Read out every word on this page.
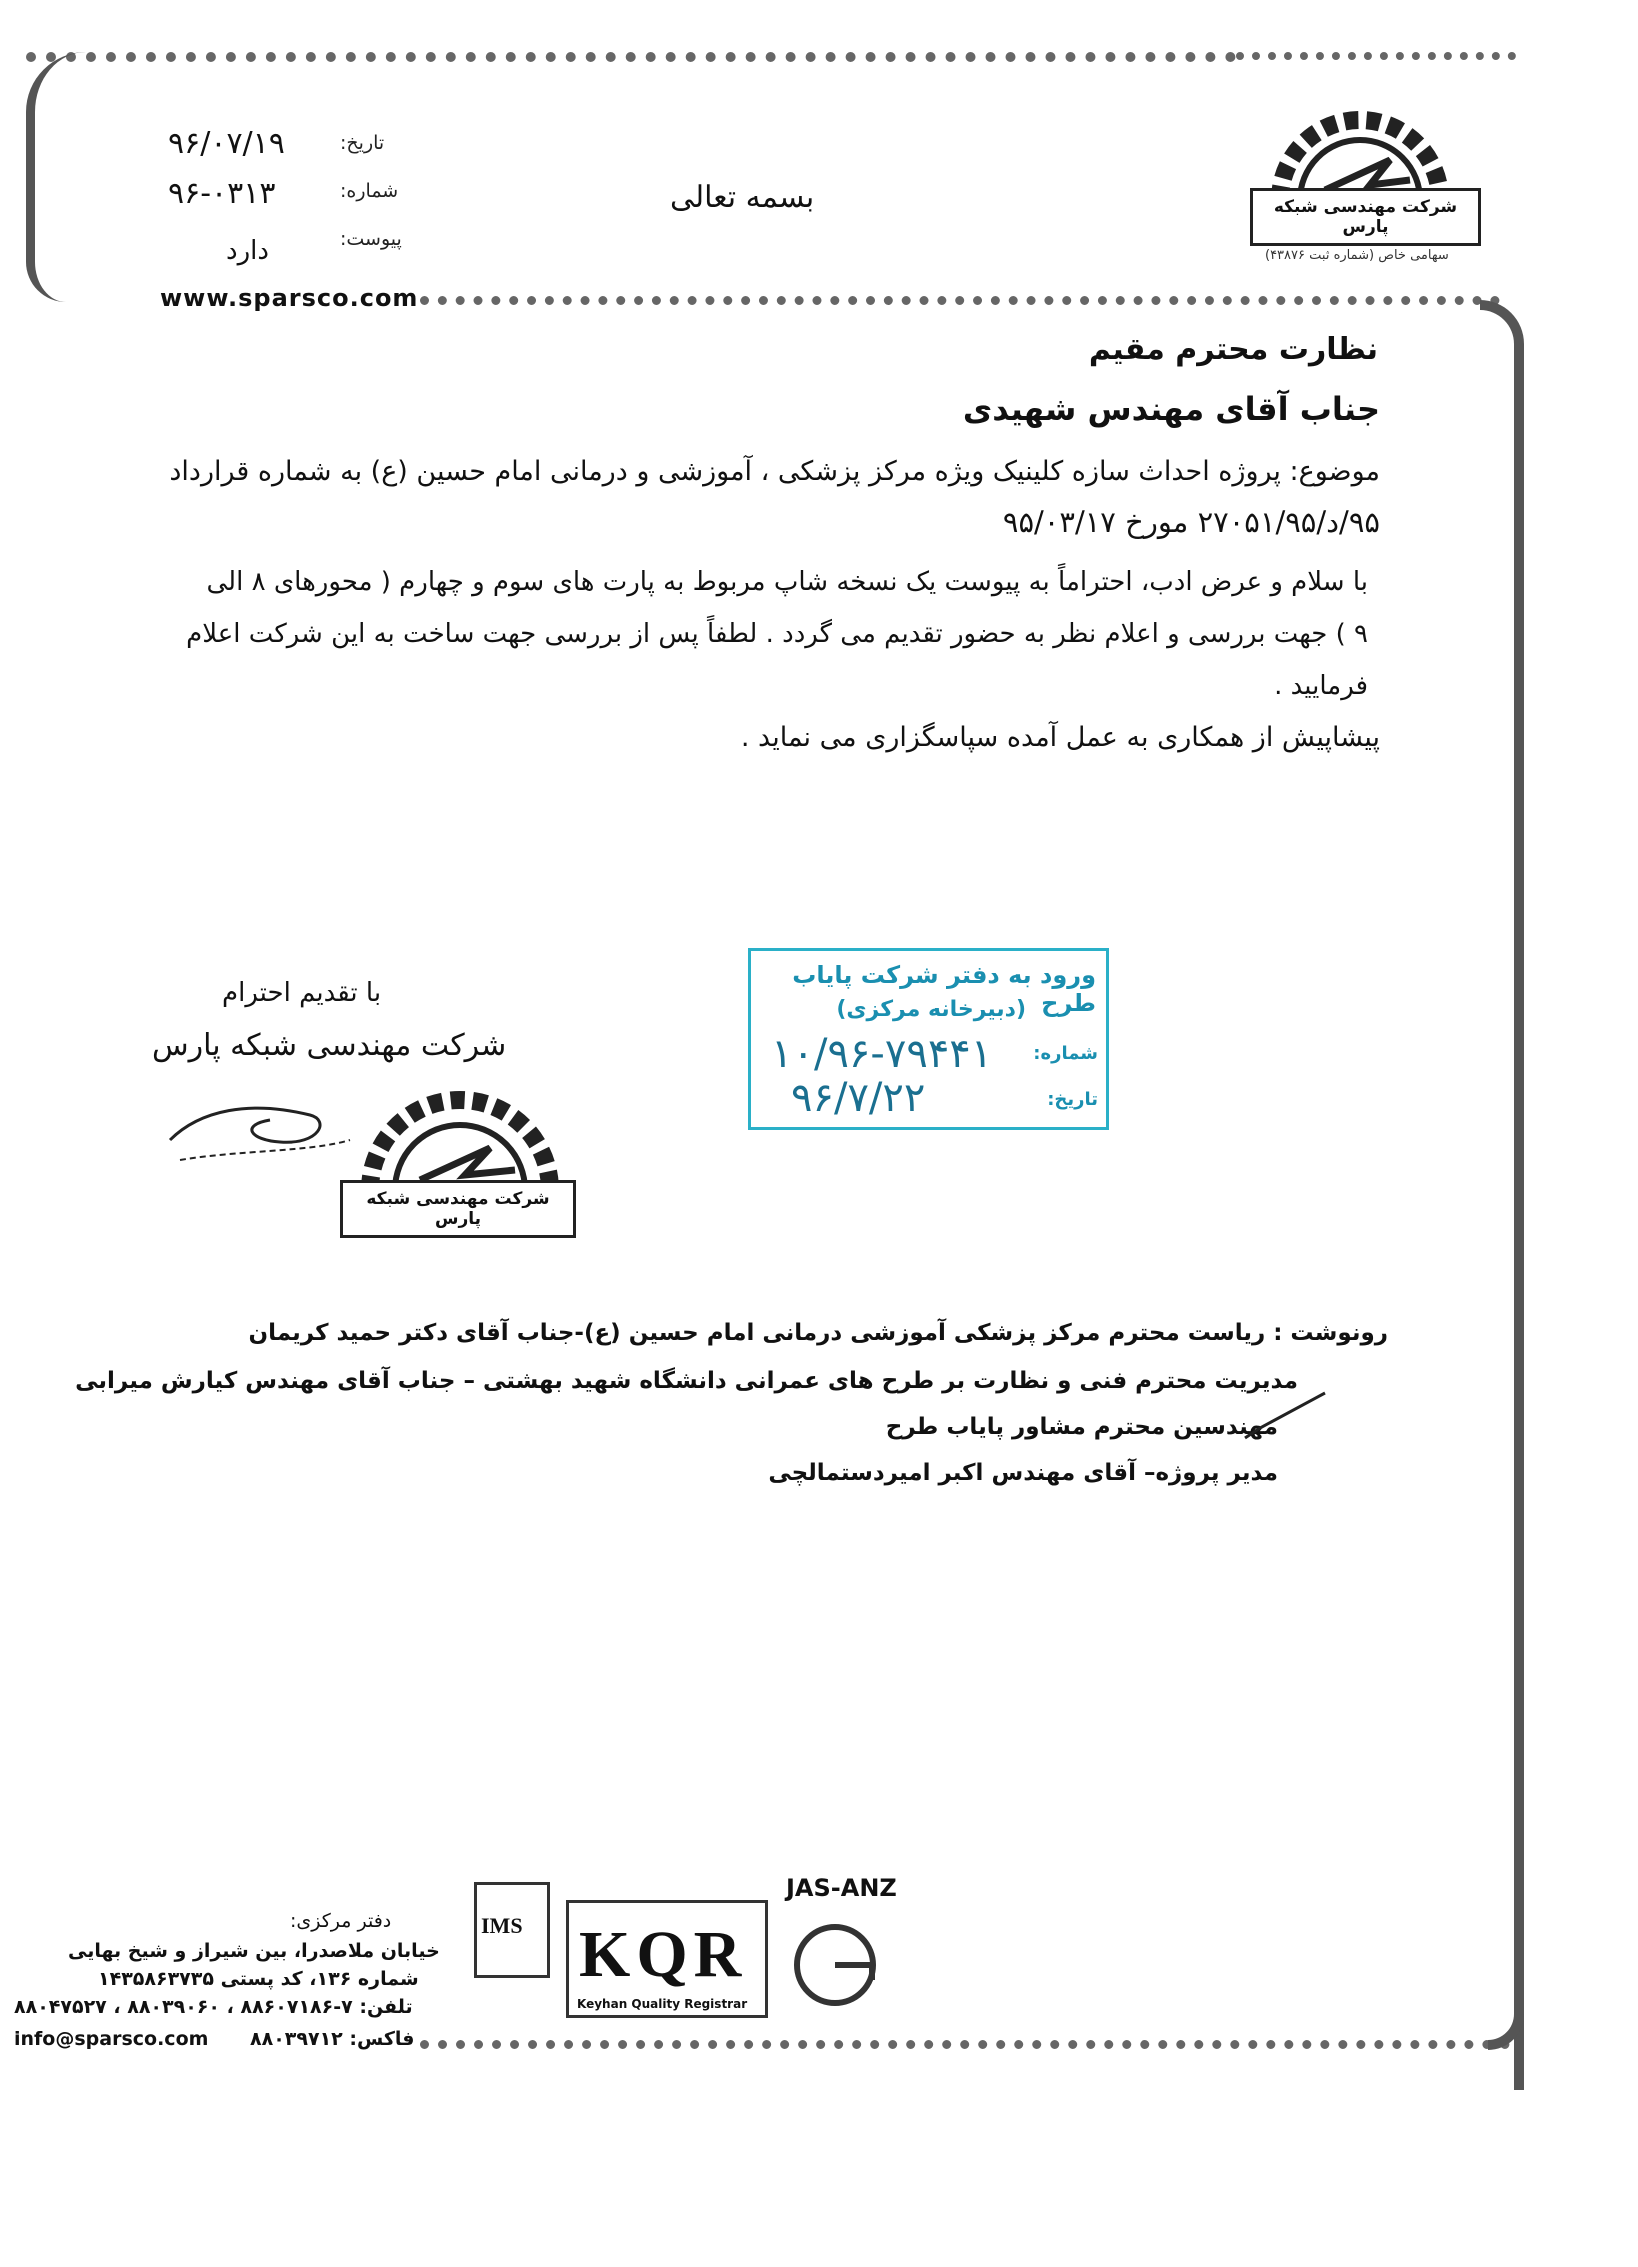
شرکت مهندسی شبکه پارس
سهامی خاص (شماره ثبت ۴۳۸۷۶)
بسمه تعالی
تاریخ:
۹۶/۰۷/۱۹
شماره:
۹۶-۰۳۱۳
پیوست:
دارد
www.sparsco.com
نظارت محترم مقیم
جناب آقای مهندس شهیدی
موضوع: پروژه احداث سازه کلینیک ویژه مرکز پزشکی ، آموزشی و درمانی امام حسین (ع) به شماره قرارداد
۹۵/د/۲۷۰۵۱/۹۵ مورخ ۹۵/۰۳/۱۷
با سلام و عرض ادب، احتراماً به پیوست یک نسخه شاپ مربوط به پارت های سوم و چهارم ( محورهای ۸ الی
۹ ) جهت بررسی و اعلام نظر به حضور تقدیم می گردد . لطفاً پس از بررسی جهت ساخت به این شرکت اعلام
فرمایید .
پیشاپیش از همکاری به عمل آمده سپاسگزاری می نماید .
با تقدیم احترام
شرکت مهندسی شبکه پارس
شرکت مهندسی شبکه پارس
ورود به دفتر شرکت پایاب طرح
(دبیرخانه مرکزی)
شماره:
۱۰/۹۶-۷۹۴۴۱
تاریخ:
۹۶/۷/۲۲
رونوشت : ریاست محترم مرکز پزشکی آموزشی درمانی امام حسین (ع)-جناب آقای دکتر حمید کریمان
مدیریت محترم فنی و نظارت بر طرح های عمرانی دانشگاه شهید بهشتی – جناب آقای مهندس کیارش میرابی
مهندسین محترم مشاور پایاب طرح
مدیر پروژه– آقای مهندس اکبر امیردستمالچی
IMS KQR
Keyhan Quality Registrar
JAS-ANZ
دفتر مرکزی:
خیابان ملاصدرا، بین شیراز و شیخ بهایی
شماره ۱۳۶، کد پستی ۱۴۳۵۸۶۳۷۳۵
تلفن: ۷-۸۸۶۰۷۱۸۶ ، ۸۸۰۳۹۰۶۰ ، ۸۸۰۴۷۵۲۷
info@sparsco.com فاکس: ۸۸۰۳۹۷۱۲
